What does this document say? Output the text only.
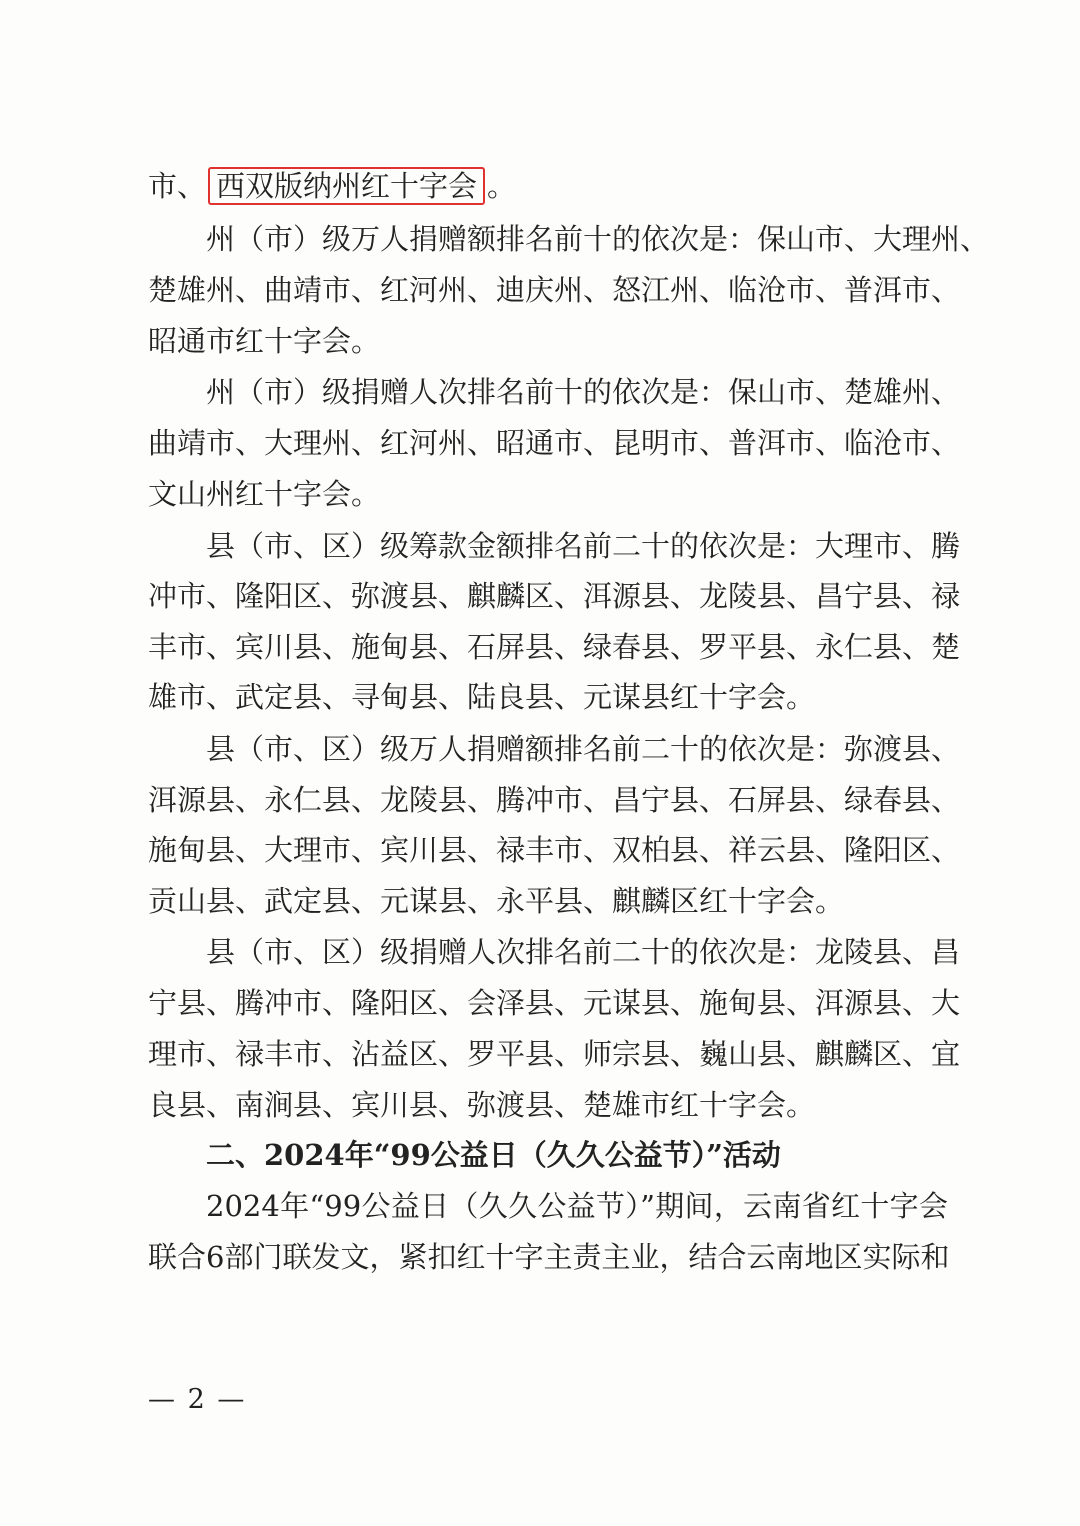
市、 西双版纳州红十字会 。
州（市）级万人捐赠额排名前十的依次是：保山市、大理州、
楚雄州、曲靖市、红河州、迪庆州、怒江州、临沧市、普洱市、
昭通市红十字会。
州（市）级捐赠人次排名前十的依次是：保山市、楚雄州、
曲靖市、大理州、红河州、昭通市、昆明市、普洱市、临沧市、
文山州红十字会。
县（市、区）级筹款金额排名前二十的依次是：大理市、腾
冲市、隆阳区、弥渡县、麒麟区、洱源县、龙陵县、昌宁县、禄
丰市、宾川县、施甸县、石屏县、绿春县、罗平县、永仁县、楚
雄市、武定县、寻甸县、陆良县、元谋县红十字会。
县（市、区）级万人捐赠额排名前二十的依次是：弥渡县、
洱源县、永仁县、龙陵县、腾冲市、昌宁县、石屏县、绿春县、
施甸县、大理市、宾川县、禄丰市、双柏县、祥云县、隆阳区、
贡山县、武定县、元谋县、永平县、麒麟区红十字会。
县（市、区）级捐赠人次排名前二十的依次是：龙陵县、昌
宁县、腾冲市、隆阳区、会泽县、元谋县、施甸县、洱源县、大
理市、禄丰市、沾益区、罗平县、师宗县、巍山县、麒麟区、宜
良县、南涧县、宾川县、弥渡县、楚雄市红十字会。
二、2024年“99公益日（久久公益节）”活动
2024年“99公益日（久久公益节）”期间，云南省红十字会
联合6部门联发文，紧扣红十字主责主业，结合云南地区实际和
— 2 —
